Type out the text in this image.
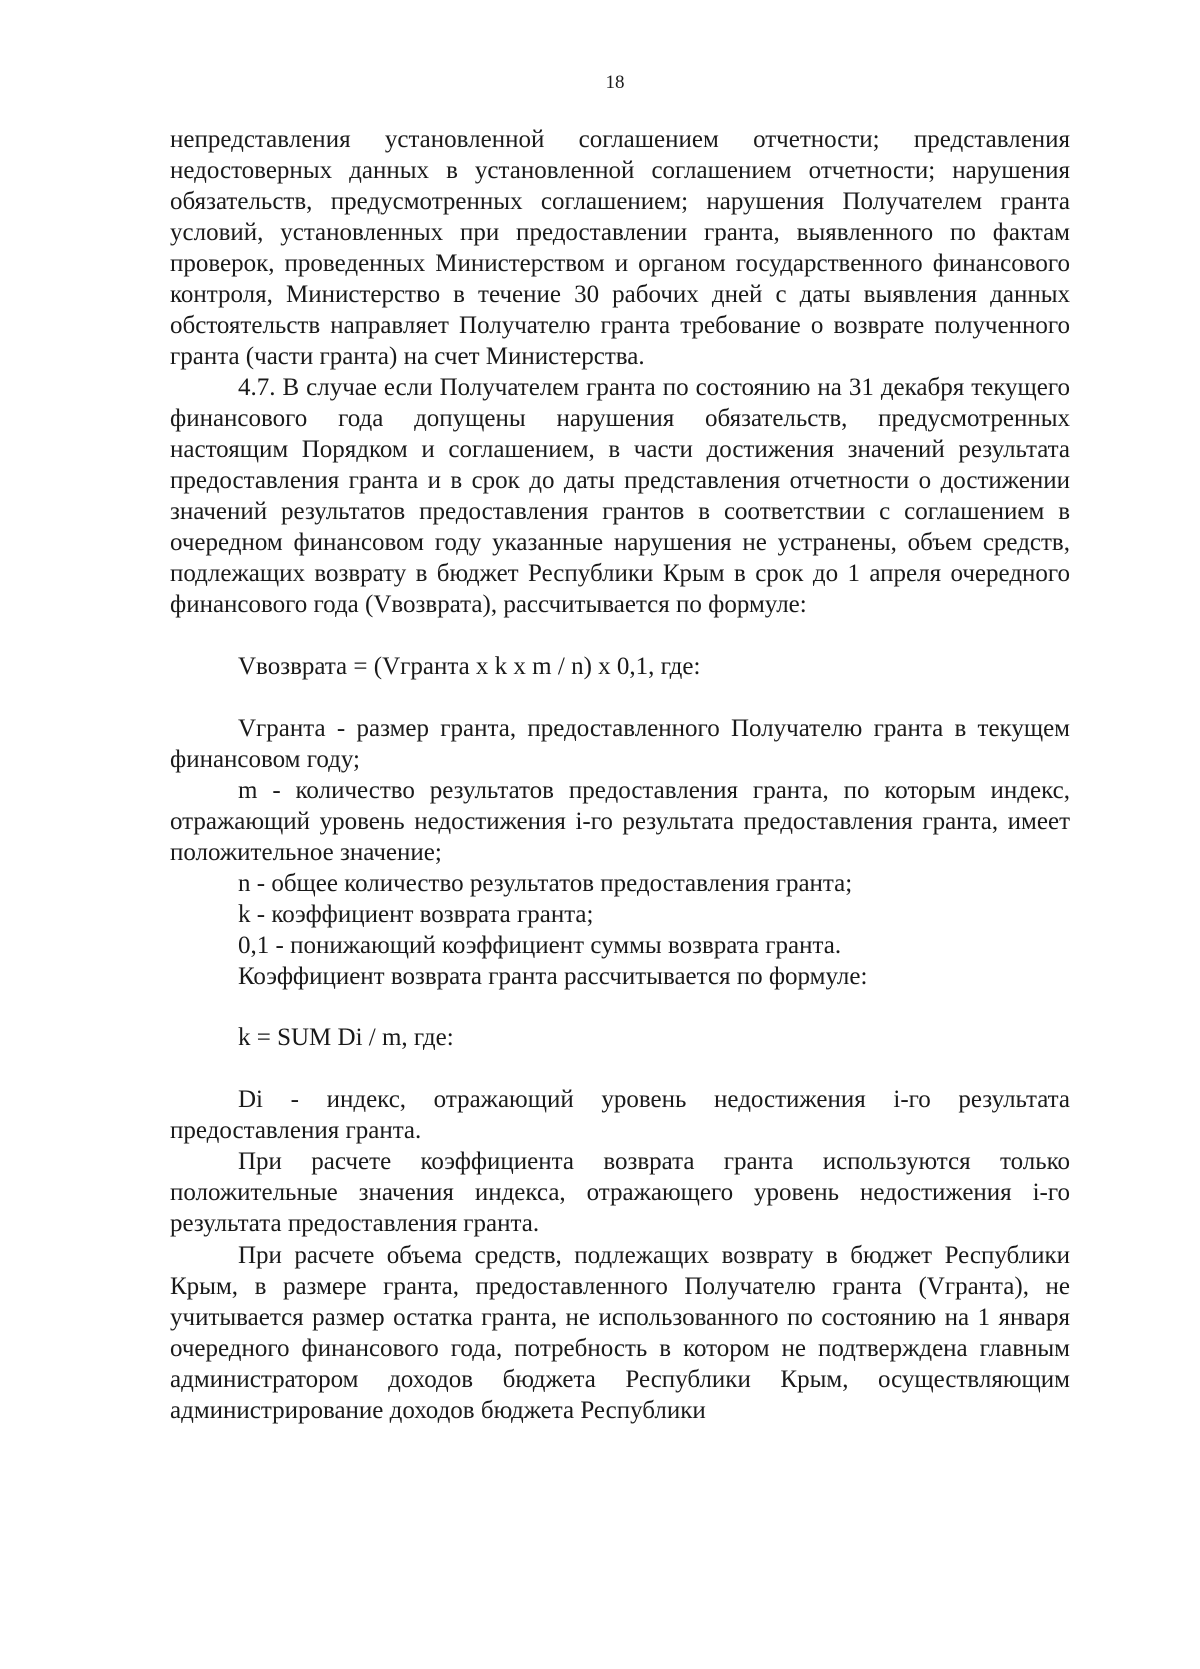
18

непредставления установленной соглашением отчетности; представления недостоверных данных в установленной соглашением отчетности; нарушения обязательств, предусмотренных соглашением; нарушения Получателем гранта условий, установленных при предоставлении гранта, выявленного по фактам проверок, проведенных Министерством и органом государственного финансового контроля, Министерство в течение 30 рабочих дней с даты выявления данных обстоятельств направляет Получателю гранта требование о возврате полученного гранта (части гранта) на счет Министерства.

4.7. В случае если Получателем гранта по состоянию на 31 декабря текущего финансового года допущены нарушения обязательств, предусмотренных настоящим Порядком и соглашением, в части достижения значений результата предоставления гранта и в срок до даты представления отчетности о достижении значений результатов предоставления грантов в соответствии с соглашением в очередном финансовом году указанные нарушения не устранены, объем средств, подлежащих возврату в бюджет Республики Крым в срок до 1 апреля очередного финансового года (Vвозврата), рассчитывается по формуле:

Vвозврата = (Vгранта x k x m / n) x 0,1, где:

Vгранта - размер гранта, предоставленного Получателю гранта в текущем финансовом году;

m - количество результатов предоставления гранта, по которым индекс, отражающий уровень недостижения i-го результата предоставления гранта, имеет положительное значение;

n - общее количество результатов предоставления гранта;

k - коэффициент возврата гранта;

0,1 - понижающий коэффициент суммы возврата гранта.

Коэффициент возврата гранта рассчитывается по формуле:

k = SUM Di / m, где:

Di - индекс, отражающий уровень недостижения i-го результата предоставления гранта.

При расчете коэффициента возврата гранта используются только положительные значения индекса, отражающего уровень недостижения i-го результата предоставления гранта.

При расчете объема средств, подлежащих возврату в бюджет Республики Крым, в размере гранта, предоставленного Получателю гранта (Vгранта), не учитывается размер остатка гранта, не использованного по состоянию на 1 января очередного финансового года, потребность в котором не подтверждена главным администратором доходов бюджета Республики Крым, осуществляющим администрирование доходов бюджета Республики
